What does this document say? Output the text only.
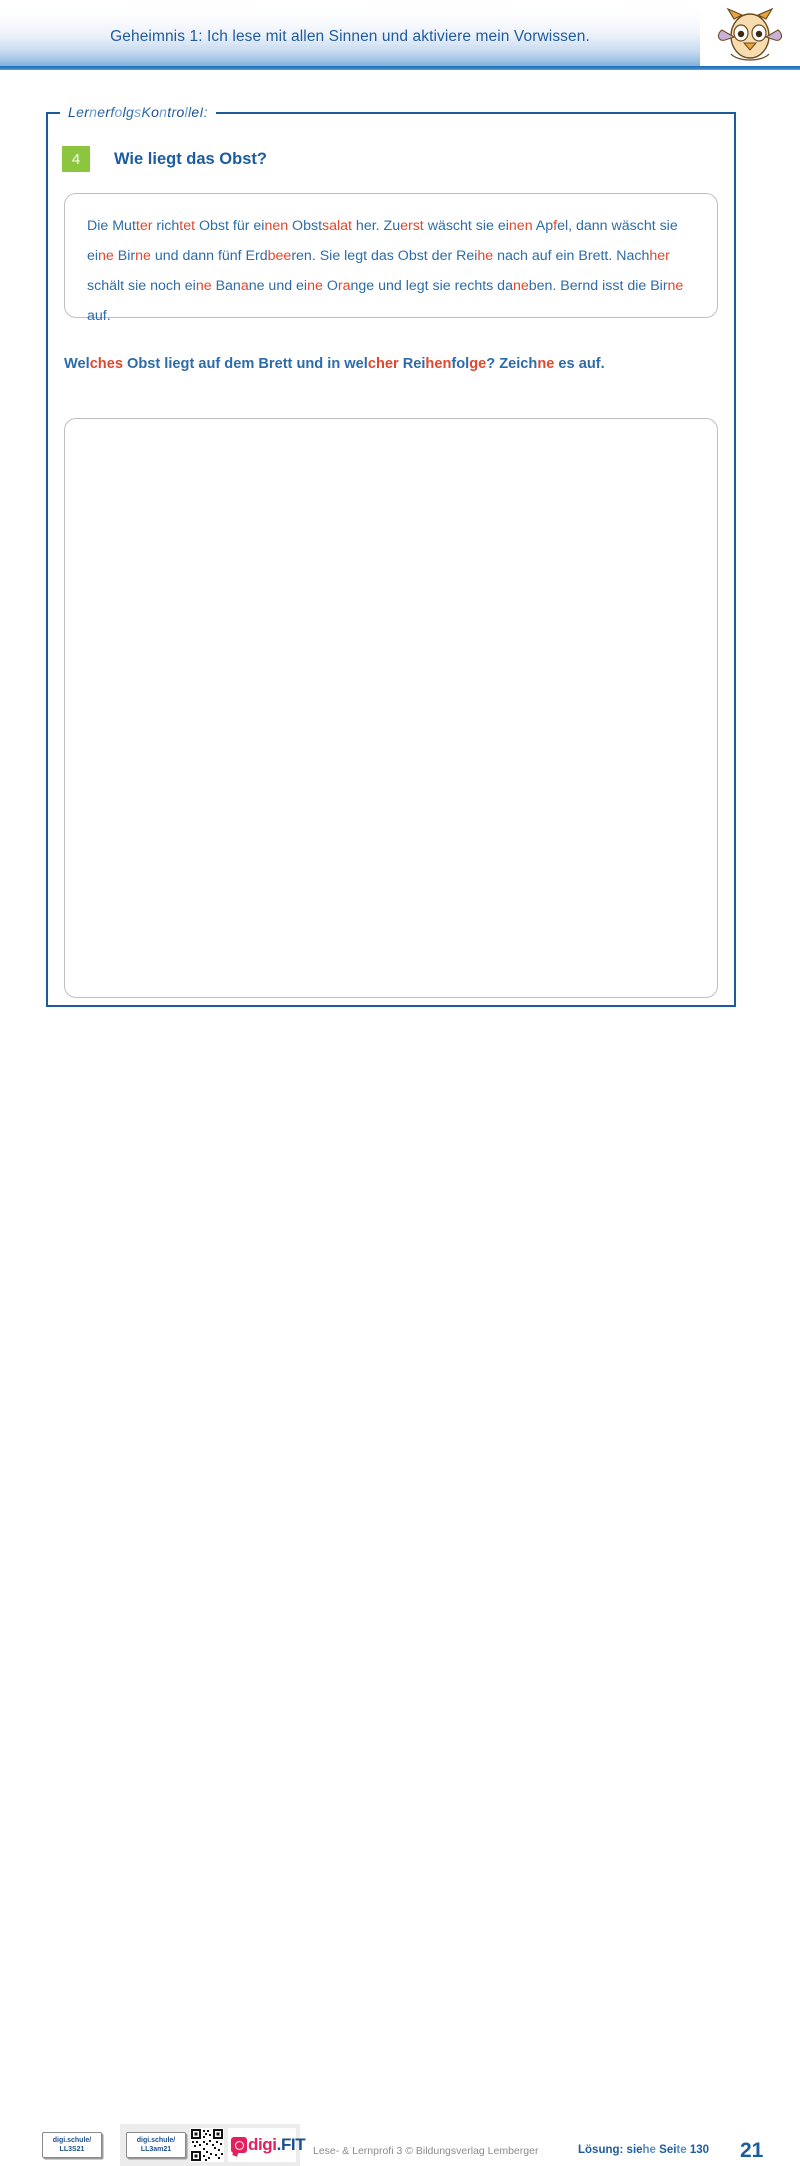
Geheimnis 1: Ich lese mit allen Sinnen und aktiviere mein Vorwissen.
L e r n e r f o l g s K o n t r o l l e I:
4	Wie liegt das Obst?

Die Mutter richtet Obst für einen Obstsalat her. Zuerst wäscht sie einen Apfel, dann wäscht sie eine Birne und dann fünf Erdbeeren. Sie legt das Obst der Reihe nach auf ein Brett. Nachher schält sie noch eine Banane und eine Orange und legt sie rechts daneben. Bernd isst die Birne auf.

Welches Obst liegt auf dem Brett und in welcher Reihenfolge? Zeichne es auf.
digi.schule/
LL3S21
digi.schule/
LL3am21	digi.FIT Lese- & Lernprofi 3 © Bildungsverlag Lemberger	Lösung: siehe Seite 130 21
